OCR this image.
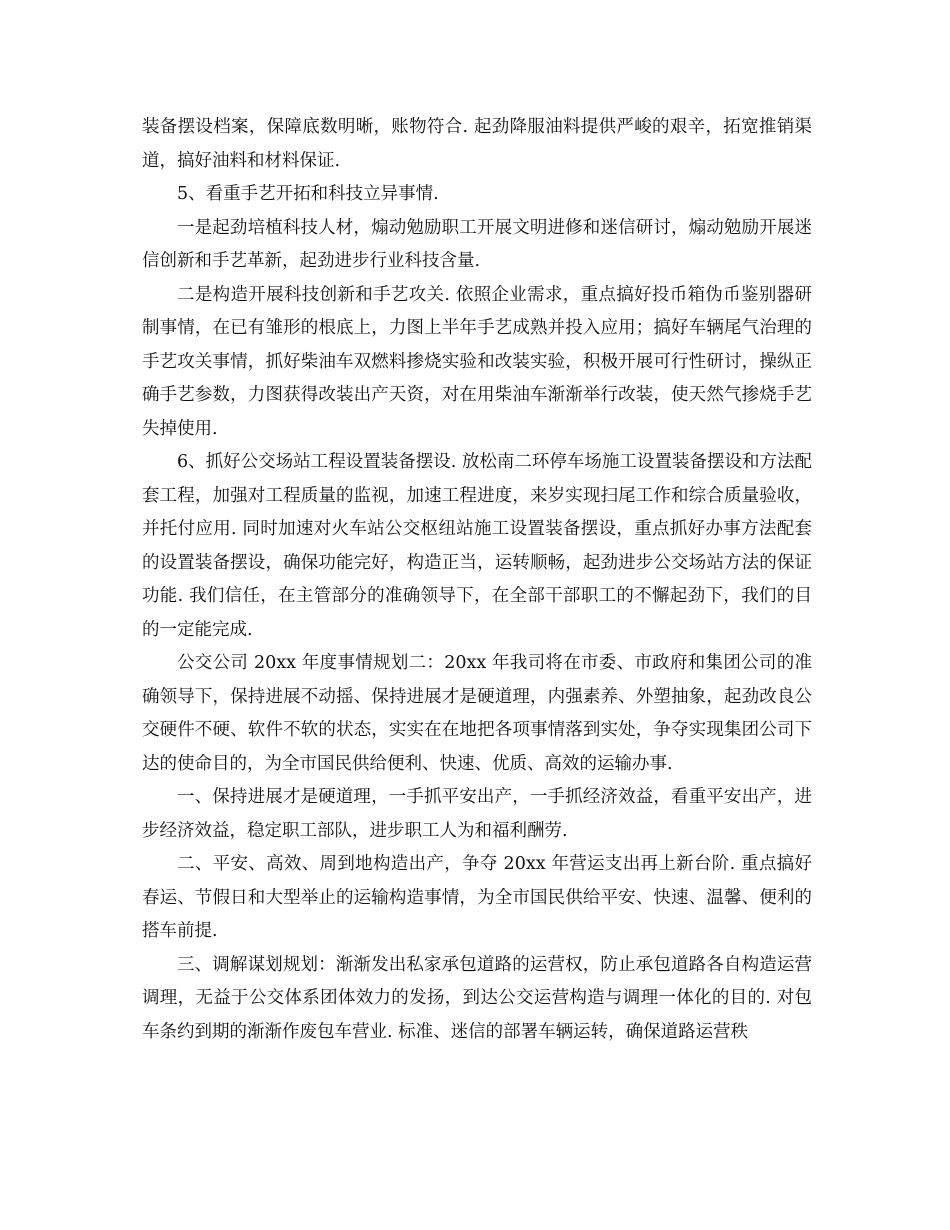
装备摆设档案，保障底数明晰，账物符合. 起劲降服油料提供严峻的艰辛，拓宽推销渠道，搞好油料和材料保证.

5、看重手艺开拓和科技立异事情.

一是起劲培植科技人材，煽动勉励职工开展文明进修和迷信研讨，煽动勉励开展迷信创新和手艺革新，起劲进步行业科技含量.

二是构造开展科技创新和手艺攻关. 依照企业需求，重点搞好投币箱伪币鉴别器研制事情，在已有雏形的根底上，力图上半年手艺成熟并投入应用；搞好车辆尾气治理的手艺攻关事情，抓好柴油车双燃料掺烧实验和改装实验，积极开展可行性研讨，操纵正确手艺参数，力图获得改装出产天资，对在用柴油车渐渐举行改装，使天然气掺烧手艺失掉使用.

6、抓好公交场站工程设置装备摆设. 放松南二环停车场施工设置装备摆设和方法配套工程，加强对工程质量的监视，加速工程进度，来岁实现扫尾工作和综合质量验收，并托付应用. 同时加速对火车站公交枢纽站施工设置装备摆设，重点抓好办事方法配套的设置装备摆设，确保功能完好，构造正当，运转顺畅，起劲进步公交场站方法的保证功能. 我们信任，在主管部分的准确领导下，在全部干部职工的不懈起劲下，我们的目的一定能完成.

公交公司 20xx 年度事情规划二：20xx 年我司将在市委、市政府和集团公司的准确领导下，保持进展不动摇、保持进展才是硬道理，内强素养、外塑抽象，起劲改良公交硬件不硬、软件不软的状态，实实在在地把各项事情落到实处，争夺实现集团公司下达的使命目的，为全市国民供给便利、快速、优质、高效的运输办事.

一、保持进展才是硬道理，一手抓平安出产，一手抓经济效益，看重平安出产，进步经济效益，稳定职工部队，进步职工人为和福利酬劳.

二、平安、高效、周到地构造出产，争夺 20xx 年营运支出再上新台阶. 重点搞好春运、节假日和大型举止的运输构造事情，为全市国民供给平安、快速、温馨、便利的搭车前提.

三、调解谋划规划：渐渐发出私家承包道路的运营权，防止承包道路各自构造运营调理，无益于公交体系团体效力的发扬，到达公交运营构造与调理一体化的目的. 对包车条约到期的渐渐作废包车营业. 标准、迷信的部署车辆运转，确保道路运营秩
